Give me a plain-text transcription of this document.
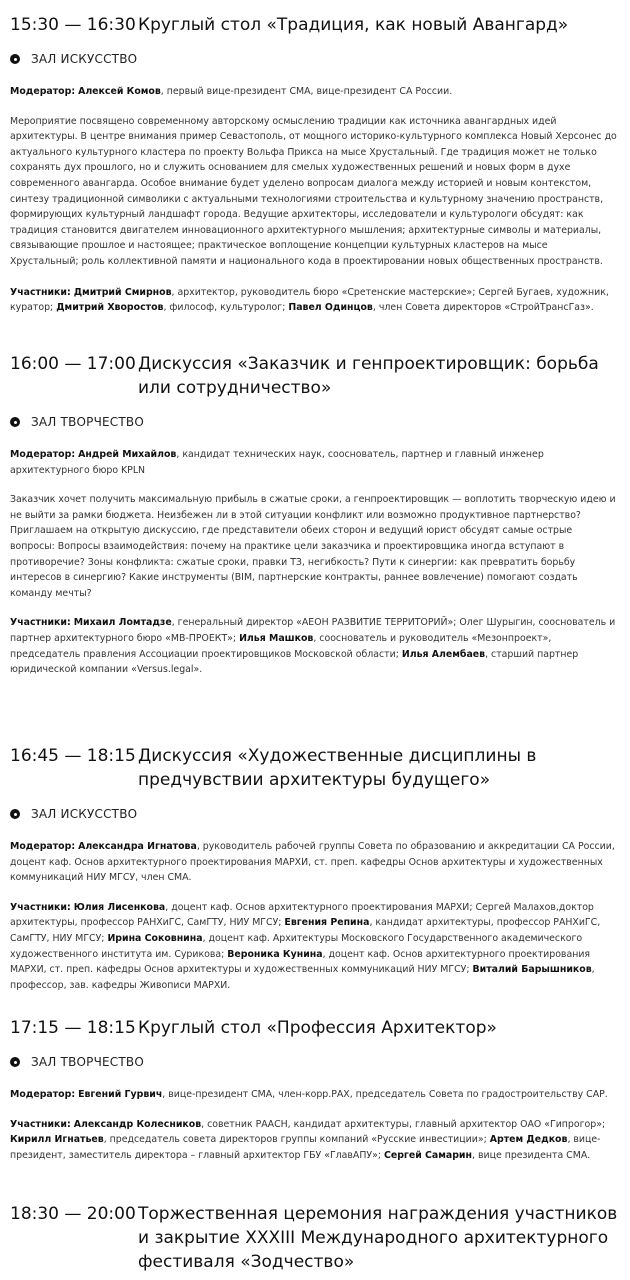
15:30 — 16:30 Круглый стол «Традиция, как новый Авангард»
ЗАЛ ИСКУССТВО

Модератор: Алексей Комов, первый вице-президент СМА, вице-президент СА России.

Мероприятие посвящено современному авторскому осмыслению традиции как источника авангардных идей архитектуры. В центре внимания пример Севастополь, от мощного историко-культурного комплекса Новый Херсонес до актуального культурного кластера по проекту Вольфа Прикса на мысе Хрустальный. Где традиция может не только сохранять дух прошлого, но и служить основанием для смелых художественных решений и новых форм в духе современного авангарда. Особое внимание будет уделено вопросам диалога между историей и новым контекстом, синтезу традиционной символики с актуальными технологиями строительства и культурному значению пространств, формирующих культурный ландшафт города. Ведущие архитекторы, исследователи и культурологи обсудят: как традиция становится двигателем инновационного архитектурного мышления; архитектурные символы и материалы, связывающие прошлое и настоящее; практическое воплощение концепции культурных кластеров на мысе Хрустальный; роль коллективной памяти и национального кода в проектировании новых общественных пространств.

Участники: Дмитрий Смирнов, архитектор, руководитель бюро «Сретенские мастерские»; Сергей Бугаев, художник, куратор; Дмитрий Хворостов, философ, культуролог; Павел Одинцов, член Совета директоров «СтройТрансГаз».

16:00 — 17:00 Дискуссия «Заказчик и генпроектировщик: борьба или сотрудничество»
ЗАЛ ТВОРЧЕСТВО

Модератор: Андрей Михайлов, кандидат технических наук, сооснователь, партнер и главный инженер архитектурного бюро KPLN

Заказчик хочет получить максимальную прибыль в сжатые сроки, а генпроектировщик — воплотить творческую идею и не выйти за рамки бюджета. Неизбежен ли в этой ситуации конфликт или возможно продуктивное партнерство?

Приглашаем на открытую дискуссию, где представители обеих сторон и ведущий юрист обсудят самые острые вопросы: Вопросы взаимодействия: почему на практике цели заказчика и проектировщика иногда вступают в противоречие? Зоны конфликта: сжатые сроки, правки ТЗ, негибкость? Пути к синергии: как превратить борьбу интересов в синергию? Какие инструменты (BIM, партнерские контракты, раннее вовлечение) помогают создать команду мечты?

Участники: Михаил Ломтадзе, генеральный директор «АЕОН РАЗВИТИЕ ТЕРРИТОРИЙ»; Олег Шурыгин, сооснователь и партнер архитектурного бюро «МВ-ПРОЕКТ»; Илья Машков, сооснователь и руководитель «Мезонпроект», председатель правления Ассоциации проектировщиков Московской области; Илья Алембаев, старший партнер юридической компании «Versus.legal».

16:45 — 18:15 Дискуссия «Художественные дисциплины в предчувствии архитектуры будущего»
ЗАЛ ИСКУССТВО

Модератор: Александра Игнатова, руководитель рабочей группы Совета по образованию и аккредитации СА России, доцент каф. Основ архитектурного проектирования МАРХИ, ст. преп. кафедры Основ архитектуры и художественных коммуникаций НИУ МГСУ, член СМА.

Участники: Юлия Лисенкова, доцент каф. Основ архитектурного проектирования МАРХИ; Сергей Малахов,доктор архитектуры, профессор РАНХиГС, СамГТУ, НИУ МГСУ; Евгения Репина, кандидат архитектуры, профессор РАНХиГС, СамГТУ, НИУ МГСУ; Ирина Соковнина, доцент каф. Архитектуры Московского Государственного академического художественного института им. Сурикова; Вероника Кунина, доцент каф. Основ архитектурного проектирования МАРХИ, ст. преп. кафедры Основ архитектуры и художественных коммуникаций НИУ МГСУ; Виталий Барышников, профессор, зав. кафедры Живописи МАРХИ.

17:15 — 18:15 Круглый стол «Профессия Архитектор»
ЗАЛ ТВОРЧЕСТВО

Модератор: Евгений Гурвич, вице-президент СМА, член-корр.РАХ, председатель Совета по градостроительству САР.

Участники: Александр Колесников, советник РААСН, кандидат архитектуры, главный архитектор ОАО «Гипрогор»; Кирилл Игнатьев, председатель совета директоров группы компаний «Русские инвестиции»; Артем Дедков, вице-президент, заместитель директора – главный архитектор ГБУ «ГлавАПУ»; Сергей Самарин, вице президента СМА.

18:30 — 20:00 Торжественная церемония награждения участников и закрытие XXXIII Международного архитектурного фестиваля «Зодчество»
